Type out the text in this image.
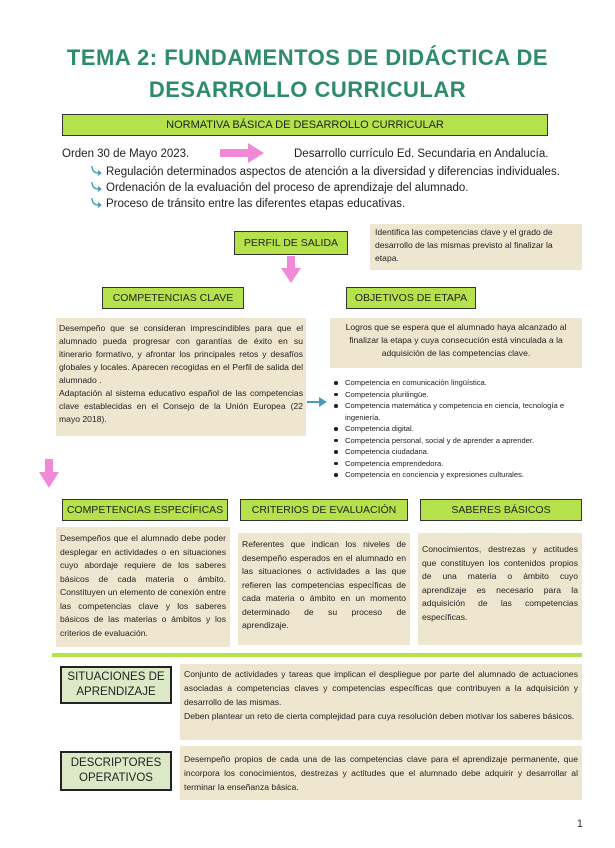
TEMA 2: FUNDAMENTOS DE DIDÁCTICA DE
DESARROLLO CURRICULAR
NORMATIVA BÁSICA DE DESARROLLO CURRICULAR
Orden 30 de Mayo 2023.	Desarrollo currículo Ed. Secundaria en Andalucía.
Regulación determinados aspectos de atención a la diversidad y diferencias individuales.
Ordenación de la evaluación del proceso de aprendizaje del alumnado.
Proceso de tránsito entre las diferentes etapas educativas.
PERFIL DE SALIDA
Identifica las competencias clave y el grado de desarrollo de las mismas previsto al finalizar la etapa.
COMPETENCIAS CLAVE
Desempeño que se consideran imprescindibles para que el alumnado pueda progresar con garantías de éxito en su itinerario formativo, y afrontar los principales retos y desafíos globales y locales. Aparecen recogidas en el Perfil de salida del alumnado .
Adaptación al sistema educativo español de las competencias clave establecidas en el Consejo de la Unión Europea (22 mayo 2018).
OBJETIVOS DE ETAPA
Logros que se espera que el alumnado haya alcanzado al finalizar la etapa y cuya consecución está vinculada a la adquisición de las competencias clave.
Competencia en comunicación lingüística.
Competencia plurilingüe.
Competencia matemática y competencia en ciencia, tecnología e ingeniería.
Competencia digital.
Competencia personal, social y de aprender a aprender.
Competencia ciudadana.
Competencia emprendedora.
Competencia en conciencia y expresiones culturales.
COMPETENCIAS ESPECÍFICAS	CRITERIOS DE EVALUACIÓN	SABERES BÁSICOS
Desempeños que el alumnado debe poder desplegar en actividades o en situaciones cuyo abordaje requiere de los saberes básicos de cada materia o ámbito. Constituyen un elemento de conexión entre las competencias clave y los saberes básicos de las materias o ámbitos y los criterios de evaluación.
Referentes que indican los niveles de desempeño esperados en el alumnado en las situaciones o actividades a las que refieren las competencias específicas de cada materia o ámbito en un momento determinado de su proceso de aprendizaje.
Conocimientos, destrezas y actitudes que constituyen los contenidos propios de una materia o ámbito cuyo aprendizaje es necesario para la adquisición de las competencias específicas.
SITUACIONES DE APRENDIZAJE
Conjunto de actividades y tareas que implican el despliegue por parte del alumnado de actuaciones asociadas a competencias claves y competencias específicas que contribuyen a la adquisición y desarrollo de las mismas.
Deben plantear un reto de cierta complejidad para cuya resolución deben motivar los saberes básicos.
DESCRIPTORES OPERATIVOS
Desempeño propios de cada una de las competencias clave para el aprendizaje permanente, que incorpora los conocimientos, destrezas y actitudes que el alumnado debe adquirir y desarrollar al terminar la enseñanza básica.
1
